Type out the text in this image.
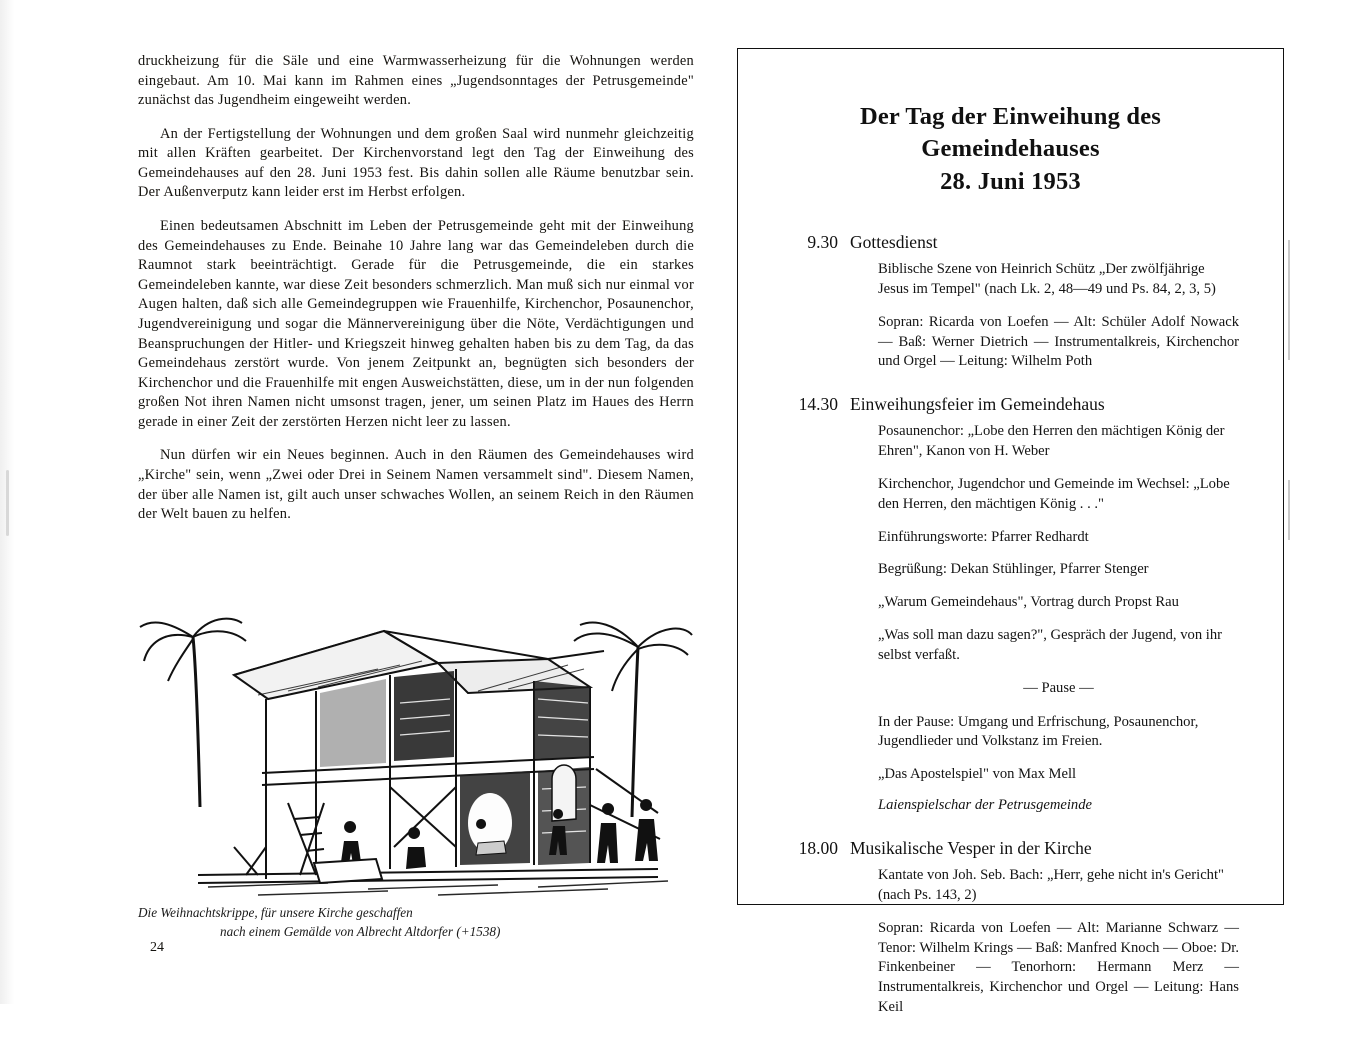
druckheizung für die Säle und eine Warmwasserheizung für die Wohnungen werden eingebaut. Am 10. Mai kann im Rahmen eines „Jugendsonntages der Petrusgemeinde" zunächst das Jugendheim eingeweiht werden.

An der Fertigstellung der Wohnungen und dem großen Saal wird nunmehr gleichzeitig mit allen Kräften gearbeitet. Der Kirchenvorstand legt den Tag der Einweihung des Gemeindehauses auf den 28. Juni 1953 fest. Bis dahin sollen alle Räume benutzbar sein. Der Außenverputz kann leider erst im Herbst erfolgen.

Einen bedeutsamen Abschnitt im Leben der Petrusgemeinde geht mit der Einweihung des Gemeindehauses zu Ende. Beinahe 10 Jahre lang war das Gemeindeleben durch die Raumnot stark beeinträchtigt. Gerade für die Petrusgemeinde, die ein starkes Gemeindeleben kannte, war diese Zeit besonders schmerzlich. Man muß sich nur einmal vor Augen halten, daß sich alle Gemeindegruppen wie Frauenhilfe, Kirchenchor, Posaunenchor, Jugendvereinigung und sogar die Männervereinigung über die Nöte, Verdächtigungen und Beanspruchungen der Hitler- und Kriegszeit hinweg gehalten haben bis zu dem Tag, da das Gemeindehaus zerstört wurde. Von jenem Zeitpunkt an, begnügten sich besonders der Kirchenchor und die Frauenhilfe mit engen Ausweichstätten, diese, um in der nun folgenden großen Not ihren Namen nicht umsonst tragen, jener, um seinen Platz im Haues des Herrn gerade in einer Zeit der zerstörten Herzen nicht leer zu lassen.

Nun dürfen wir ein Neues beginnen. Auch in den Räumen des Gemeindehauses wird „Kirche" sein, wenn „Zwei oder Drei in Seinem Namen versammelt sind". Diesem Namen, der über alle Namen ist, gilt auch unser schwaches Wollen, an seinem Reich in den Räumen der Welt bauen zu helfen.

Die Weihnachtskrippe, für unsere Kirche geschaffen
nach einem Gemälde von Albrecht Altdorfer (+1538)
24
Der Tag der Einweihung des Gemeindehauses
28. Juni 1953
9.30 Gottesdienst

Biblische Szene von Heinrich Schütz „Der zwölfjährige Jesus im Tempel" (nach Lk. 2, 48—49 und Ps. 84, 2, 3, 5)

Sopran: Ricarda von Loefen — Alt: Schüler Adolf Nowack — Baß: Werner Dietrich — Instrumentalkreis, Kirchenchor und Orgel — Leitung: Wilhelm Poth

14.30 Einweihungsfeier im Gemeindehaus

Posaunenchor: „Lobe den Herren den mächtigen König der Ehren", Kanon von H. Weber

Kirchenchor, Jugendchor und Gemeinde im Wechsel: „Lobe den Herren, den mächtigen König . . ."

Einführungsworte: Pfarrer Redhardt

Begrüßung: Dekan Stühlinger, Pfarrer Stenger

„Warum Gemeindehaus", Vortrag durch Propst Rau

„Was soll man dazu sagen?", Gespräch der Jugend, von ihr selbst verfaßt.

— Pause —

In der Pause: Umgang und Erfrischung, Posaunenchor, Jugendlieder und Volkstanz im Freien.

„Das Apostelspiel" von Max Mell

Laienspielschar der Petrusgemeinde

18.00 Musikalische Vesper in der Kirche

Kantate von Joh. Seb. Bach: „Herr, gehe nicht in's Gericht" (nach Ps. 143, 2)

Sopran: Ricarda von Loefen — Alt: Marianne Schwarz — Tenor: Wilhelm Krings — Baß: Manfred Knoch — Oboe: Dr. Finkenbeiner — Tenorhorn: Hermann Merz — Instrumentalkreis, Kirchenchor und Orgel — Leitung: Hans Keil
